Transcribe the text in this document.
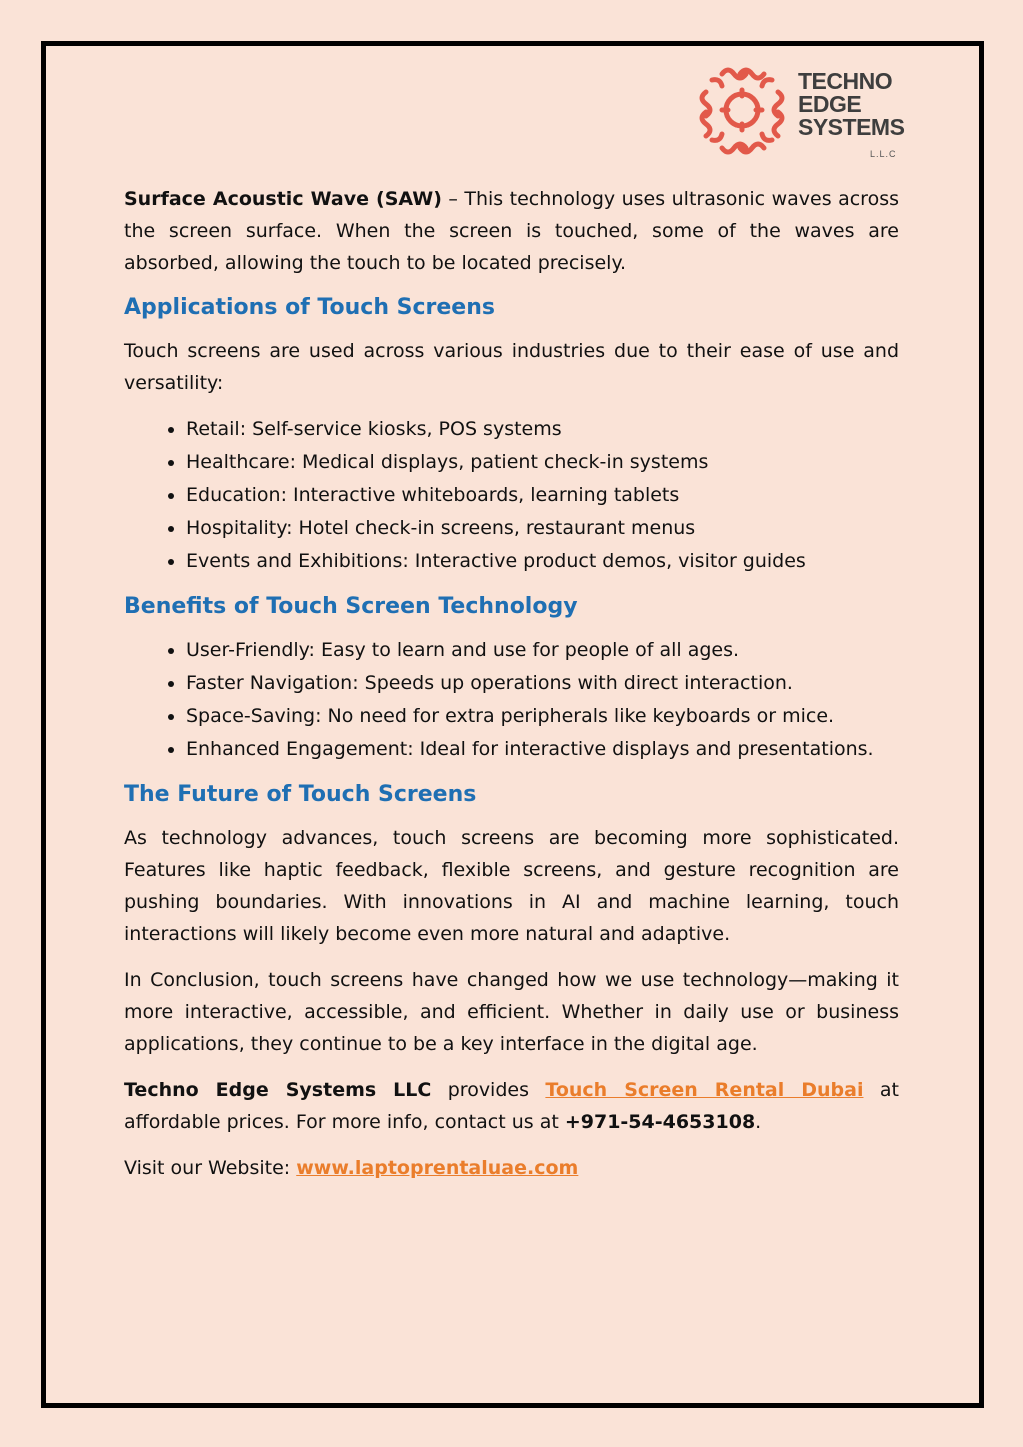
TECHNO
EDGE
SYSTEMS
L.L.C

Surface Acoustic Wave (SAW) – This technology uses ultrasonic waves across the screen surface. When the screen is touched, some of the waves are absorbed, allowing the touch to be located precisely.

Applications of Touch Screens

Touch screens are used across various industries due to their ease of use and versatility:

• Retail: Self-service kiosks, POS systems
• Healthcare: Medical displays, patient check-in systems
• Education: Interactive whiteboards, learning tablets
• Hospitality: Hotel check-in screens, restaurant menus
• Events and Exhibitions: Interactive product demos, visitor guides
Benefits of Touch Screen Technology
• User-Friendly: Easy to learn and use for people of all ages.
• Faster Navigation: Speeds up operations with direct interaction.
• Space-Saving: No need for extra peripherals like keyboards or mice.
• Enhanced Engagement: Ideal for interactive displays and presentations.
The Future of Touch Screens

As technology advances, touch screens are becoming more sophisticated. Features like haptic feedback, flexible screens, and gesture recognition are pushing boundaries. With innovations in AI and machine learning, touch interactions will likely become even more natural and adaptive.

In Conclusion, touch screens have changed how we use technology—making it more interactive, accessible, and efficient. Whether in daily use or business applications, they continue to be a key interface in the digital age.

Techno Edge Systems LLC provides Touch Screen Rental Dubai at affordable prices. For more info, contact us at +971-54-4653108.

Visit our Website: www.laptoprentaluae.com
